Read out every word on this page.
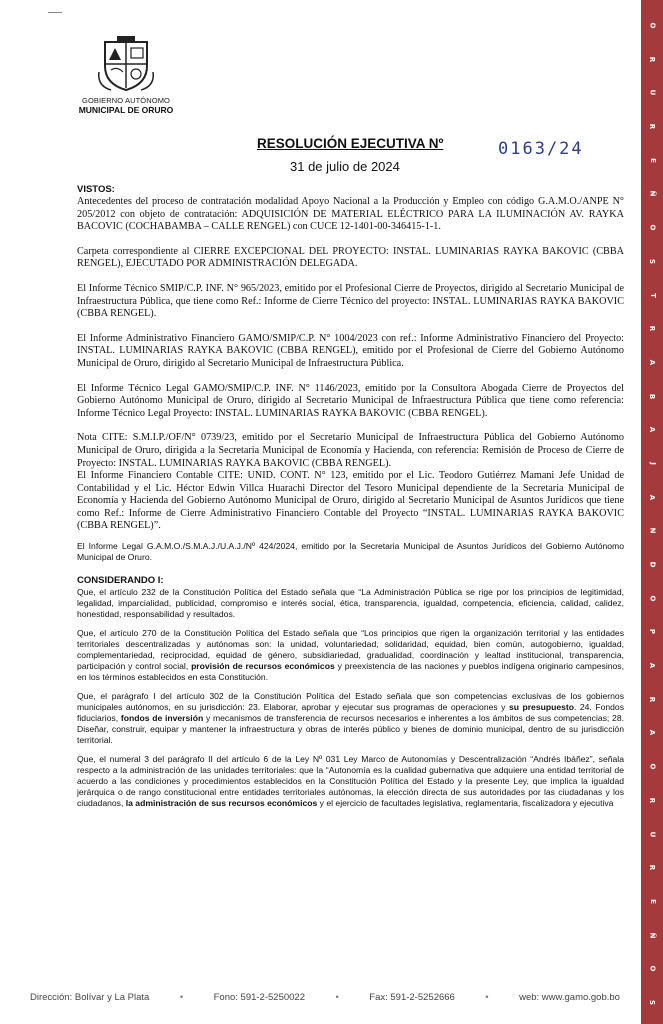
O
R
U
R
E
Ñ
O
S
T
R
A
B
A
J
A
N
D
O
P
A
R
A
O
R
U
R
E
Ñ
O
S
GOBIERNO AUTÓNOMO
MUNICIPAL DE ORURO
RESOLUCIÓN EJECUTIVA Nº	0163/24
31 de julio de 2024

VISTOS:

Antecedentes del proceso de contratación modalidad Apoyo Nacional a la Producción y Empleo con código G.A.M.O./ANPE N° 205/2012 con objeto de contratación: ADQUISICIÓN DE MATERIAL ELÉCTRICO PARA LA ILUMINACIÓN AV. RAYKA BACOVIC (COCHABAMBA – CALLE RENGEL) con CUCE 12-1401-00-346415-1-1.

Carpeta correspondiente al CIERRE EXCEPCIONAL DEL PROYECTO: INSTAL. LUMINARIAS RAYKA BAKOVIC (CBBA RENGEL), EJECUTADO POR ADMINISTRACIÓN DELEGADA.

El Informe Técnico SMIP/C.P. INF. N° 965/2023, emitido por el Profesional Cierre de Proyectos, dirigido al Secretario Municipal de Infraestructura Pública, que tiene como Ref.: Informe de Cierre Técnico del proyecto: INSTAL. LUMINARIAS RAYKA BAKOVIC (CBBA RENGEL).

El Informe Administrativo Financiero GAMO/SMIP/C.P. N° 1004/2023 con ref.: Informe Administrativo Financiero del Proyecto: INSTAL. LUMINARIAS RAYKA BAKOVIC (CBBA RENGEL), emitido por el Profesional de Cierre del Gobierno Autónomo Municipal de Oruro, dirigido al Secretario Municipal de Infraestructura Pública.

El Informe Técnico Legal GAMO/SMIP/C.P. INF. N° 1146/2023, emitido por la Consultora Abogada Cierre de Proyectos del Gobierno Autónomo Municipal de Oruro, dirigido al Secretario Municipal de Infraestructura Pública que tiene como referencia: Informe Técnico Legal Proyecto: INSTAL. LUMINARIAS RAYKA BAKOVIC (CBBA RENGEL).

Nota CITE: S.M.I.P./OF/N° 0739/23, emitido por el Secretario Municipal de Infraestructura Pública del Gobierno Autónomo Municipal de Oruro, dirigida a la Secretaria Municipal de Economía y Hacienda, con referencia: Remisión de Proceso de Cierre de Proyecto: INSTAL. LUMINARIAS RAYKA BAKOVIC (CBBA RENGEL).

El Informe Financiero Contable CITE: UNID. CONT. N° 123, emitido por el Lic. Teodoro Gutiérrez Mamani Jefe Unidad de Contabilidad y el Lic. Héctor Edwin Villca Huarachi Director del Tesoro Municipal dependiente de la Secretaria Municipal de Economía y Hacienda del Gobierno Autónomo Municipal de Oruro, dirigido al Secretario Municipal de Asuntos Jurídicos que tiene como Ref.: Informe de Cierre Administrativo Financiero Contable del Proyecto “INSTAL. LUMINARIAS RAYKA BAKOVIC (CBBA RENGEL)”.

El Informe Legal G.A.M.O./S.M.A.J./U.A.J./Nº 424/2024, emitido por la Secretaria Municipal de Asuntos Jurídicos del Gobierno Autónomo Municipal de Oruro.

CONSIDERANDO I:

Que, el artículo 232 de la Constitución Política del Estado señala que “La Administración Pública se rige por los principios de legitimidad, legalidad, imparcialidad, publicidad, compromiso e interés social, ética, transparencia, igualdad, competencia, eficiencia, calidad, calidez, honestidad, responsabilidad y resultados.

Que, el artículo 270 de la Constitución Política del Estado señala que “Los principios que rigen la organización territorial y las entidades territoriales descentralizadas y autónomas son: la unidad, voluntariedad, solidaridad, equidad, bien común, autogobierno, igualdad, complementariedad, reciprocidad, equidad de género, subsidiariedad, gradualidad, coordinación y lealtad institucional, transparencia, participación y control social, provisión de recursos económicos y preexistencia de las naciones y pueblos indígena originario campesinos, en los términos establecidos en esta Constitución.

Que, el parágrafo I del artículo 302 de la Constitución Política del Estado señala que son competencias exclusivas de los gobiernos municipales autónomos, en su jurisdicción: 23. Elaborar, aprobar y ejecutar sus programas de operaciones y su presupuesto. 24. Fondos fiduciarios, fondos de inversión y mecanismos de transferencia de recursos necesarios e inherentes a los ámbitos de sus competencias; 28. Diseñar, construir, equipar y mantener la infraestructura y obras de interés público y bienes de dominio municipal, dentro de su jurisdicción territorial.

Que, el numeral 3 del parágrafo II del artículo 6 de la Ley Nº 031 Ley Marco de Autonomías y Descentralización “Andrés Ibáñez”, señala respecto a la administración de las unidades territoriales: que la “Autonomía es la cualidad gubernativa que adquiere una entidad territorial de acuerdo a las condiciones y procedimientos establecidos en la Constitución Política del Estado y la presente Ley, que implica la igualdad jerárquica o de rango constitucional entre entidades territoriales autónomas, la elección directa de sus autoridades por las ciudadanas y los ciudadanos, la administración de sus recursos económicos y el ejercicio de facultades legislativa, reglamentaria, fiscalizadora y ejecutiva

Dirección: Bolívar y La Plata	•	Fono: 591-2-5250022	•	Fax: 591-2-5252666	•	web: www.gamo.gob.bo
